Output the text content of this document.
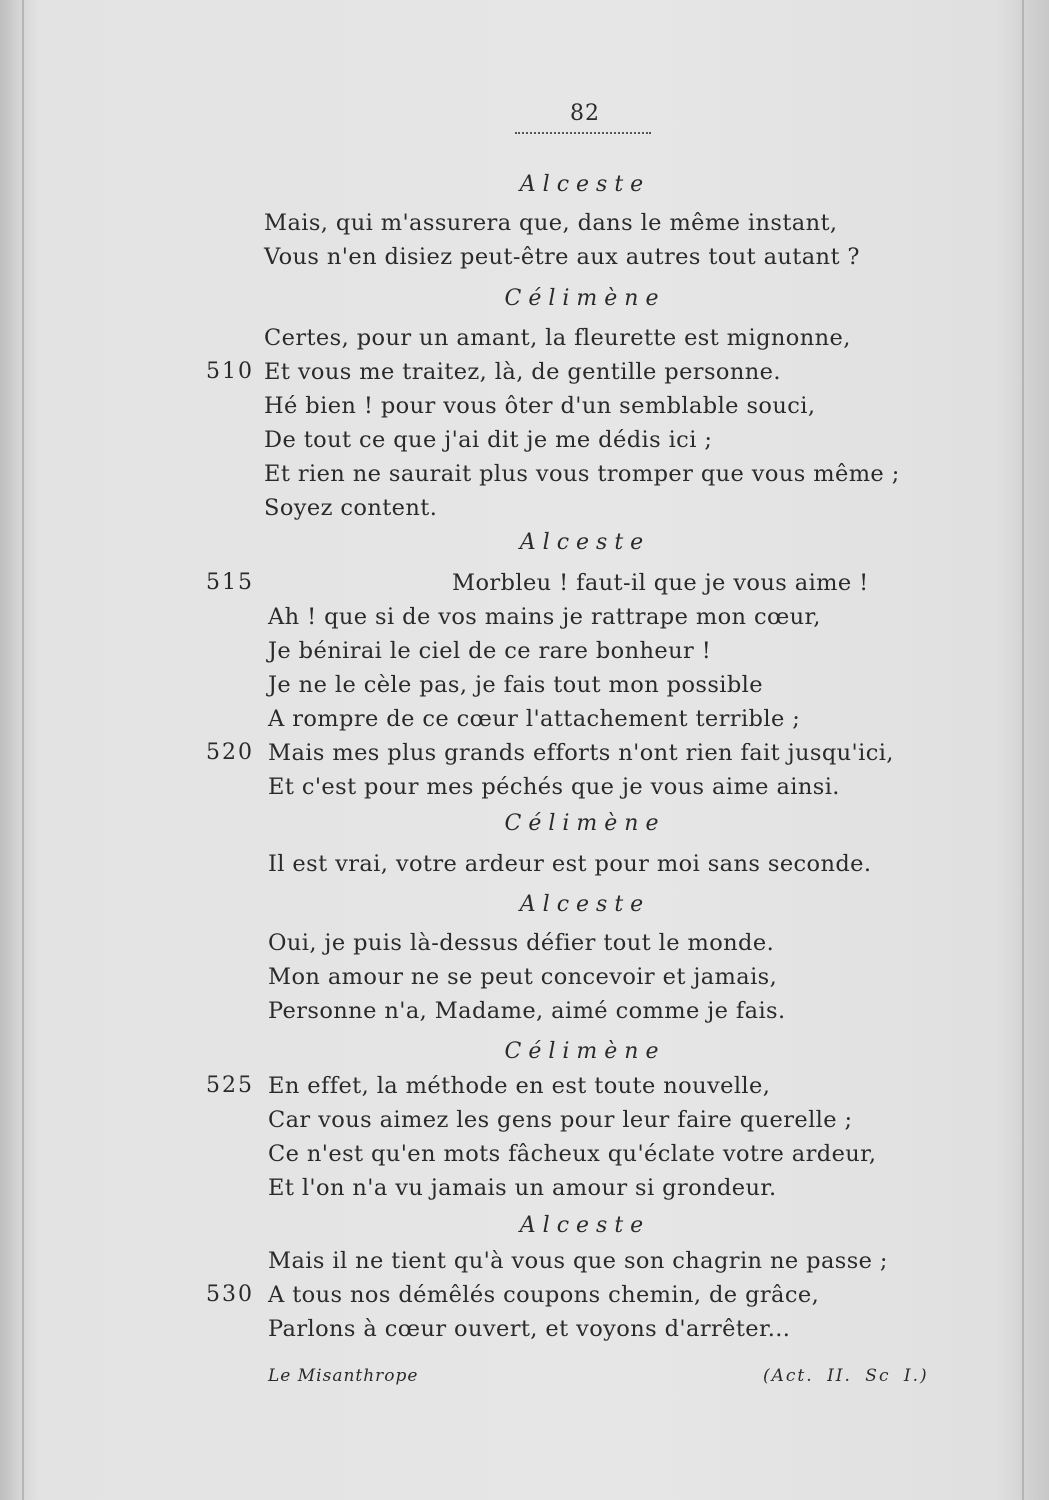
82
Alceste
Célimène
Alceste
Célimène
Alceste
Célimène
Alceste
Mais, qui m'assurera que, dans le même instant,
Vous n'en disiez peut-être aux autres tout autant ?
Certes, pour un amant, la fleurette est mignonne,
510 Et vous me traitez, là, de gentille personne.
Hé bien ! pour vous ôter d'un semblable souci,
De tout ce que j'ai dit je me dédis ici ;
Et rien ne saurait plus vous tromper que vous même ;
Soyez content.
515	Morbleu ! faut-il que je vous aime !
Ah ! que si de vos mains je rattrape mon cœur,
Je bénirai le ciel de ce rare bonheur !
Je ne le cèle pas, je fais tout mon possible
A rompre de ce cœur l'attachement terrible ;
520 Mais mes plus grands efforts n'ont rien fait jusqu'ici,
Et c'est pour mes péchés que je vous aime ainsi.
Il est vrai, votre ardeur est pour moi sans seconde.
Oui, je puis là-dessus défier tout le monde.
Mon amour ne se peut concevoir et jamais,
Personne n'a, Madame, aimé comme je fais.
525 En effet, la méthode en est toute nouvelle,
Car vous aimez les gens pour leur faire querelle ;
Ce n'est qu'en mots fâcheux qu'éclate votre ardeur,
Et l'on n'a vu jamais un amour si grondeur.
Mais il ne tient qu'à vous que son chagrin ne passe ;
530 A tous nos démêlés coupons chemin, de grâce,
Parlons à cœur ouvert, et voyons d'arrêter...
Le Misanthrope	(Act. II. Sc I.)
